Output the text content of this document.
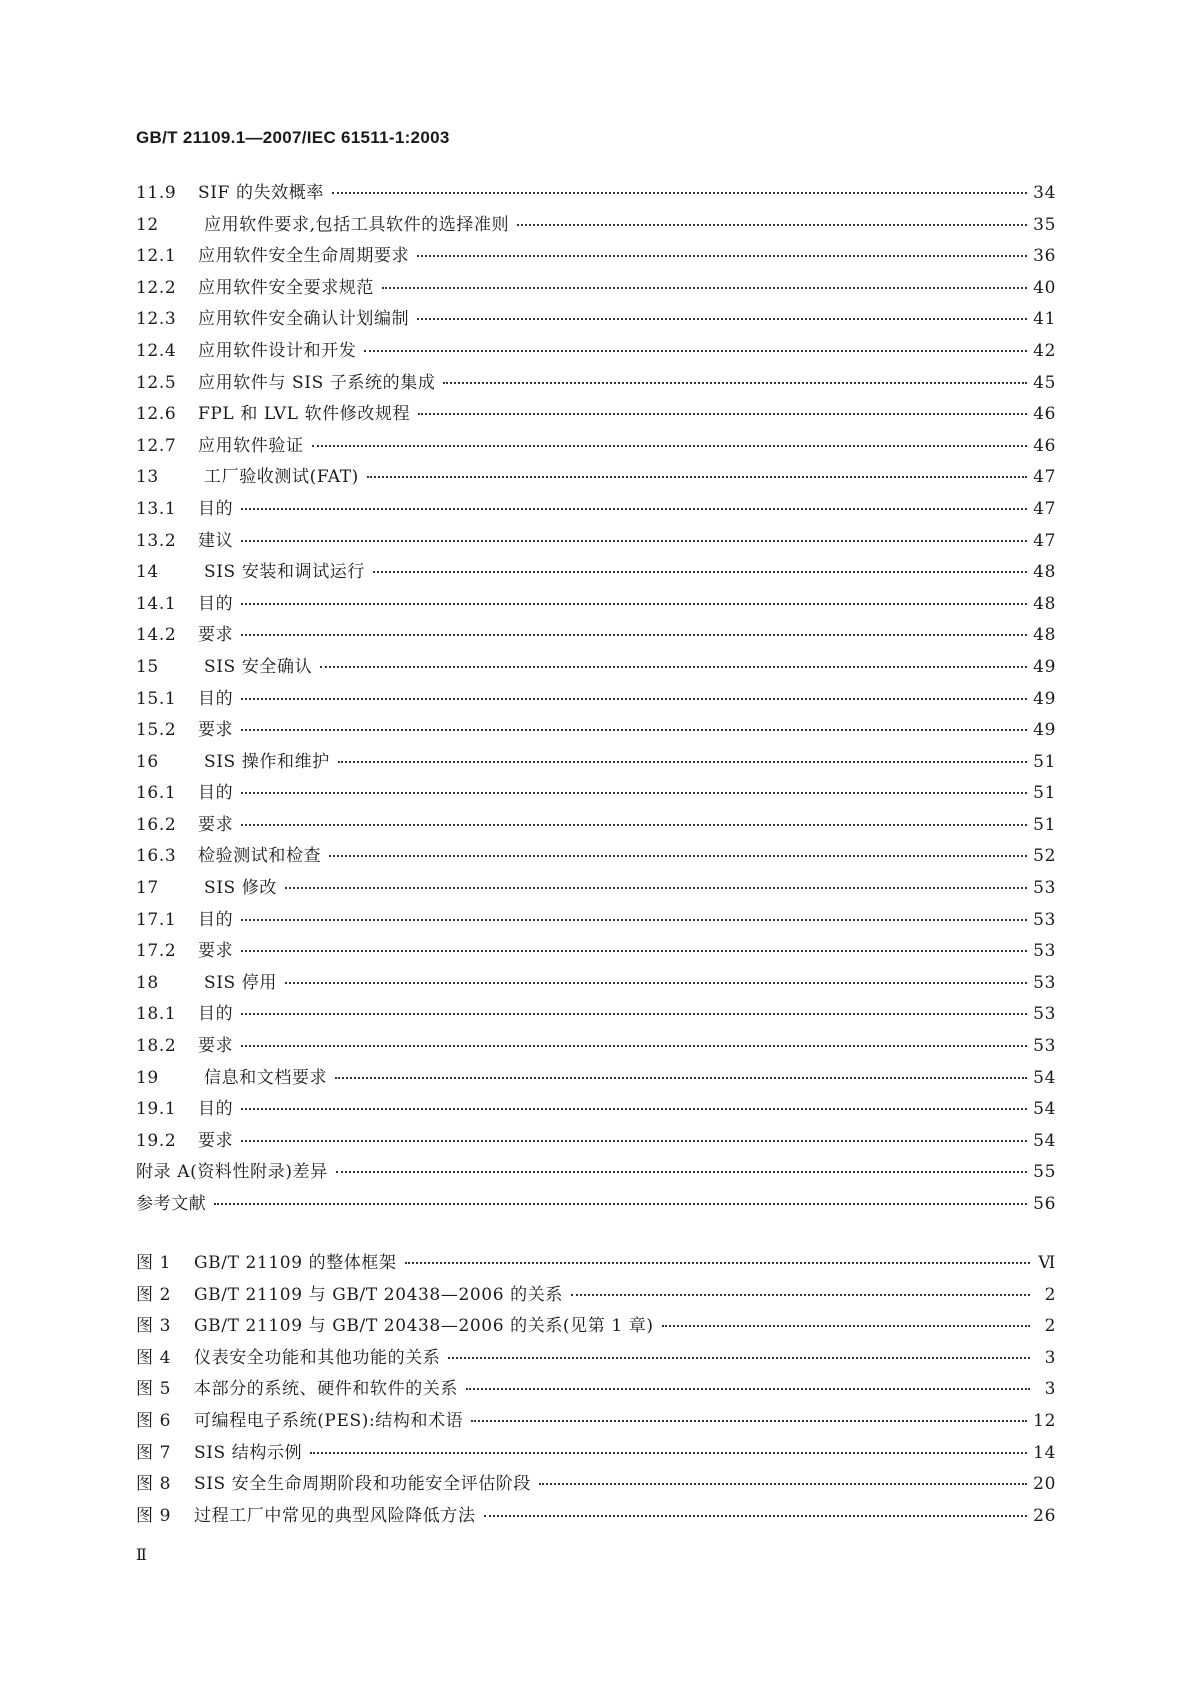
GB/T 21109.1—2007/IEC 61511-1:2003
11.9	SIF 的失效概率	34
12	应用软件要求,包括工具软件的选择准则	35
12.1	应用软件安全生命周期要求	36
12.2	应用软件安全要求规范	40
12.3	应用软件安全确认计划编制	41
12.4	应用软件设计和开发	42
12.5	应用软件与 SIS 子系统的集成	45
12.6	FPL 和 LVL 软件修改规程	46
12.7	应用软件验证	46
13	工厂验收测试(FAT)	47
13.1	目的	47
13.2	建议	47
14	SIS 安装和调试运行	48
14.1	目的	48
14.2	要求	48
15	SIS 安全确认	49
15.1	目的	49
15.2	要求	49
16	SIS 操作和维护	51
16.1	目的	51
16.2	要求	51
16.3	检验测试和检查	52
17	SIS 修改	53
17.1	目的	53
17.2	要求	53
18	SIS 停用	53
18.1	目的	53
18.2	要求	53
19	信息和文档要求	54
19.1	目的	54
19.2	要求	54
附录 A(资料性附录)差异	55
参考文献	56
图 1	GB/T 21109 的整体框架	Ⅵ
图 2	GB/T 21109 与 GB/T 20438—2006 的关系	2
图 3	GB/T 21109 与 GB/T 20438—2006 的关系(见第 1 章)	2
图 4	仪表安全功能和其他功能的关系	3
图 5	本部分的系统、硬件和软件的关系	3
图 6	可编程电子系统(PES):结构和术语	12
图 7	SIS 结构示例	14
图 8	SIS 安全生命周期阶段和功能安全评估阶段	20
图 9	过程工厂中常见的典型风险降低方法	26
Ⅱ
